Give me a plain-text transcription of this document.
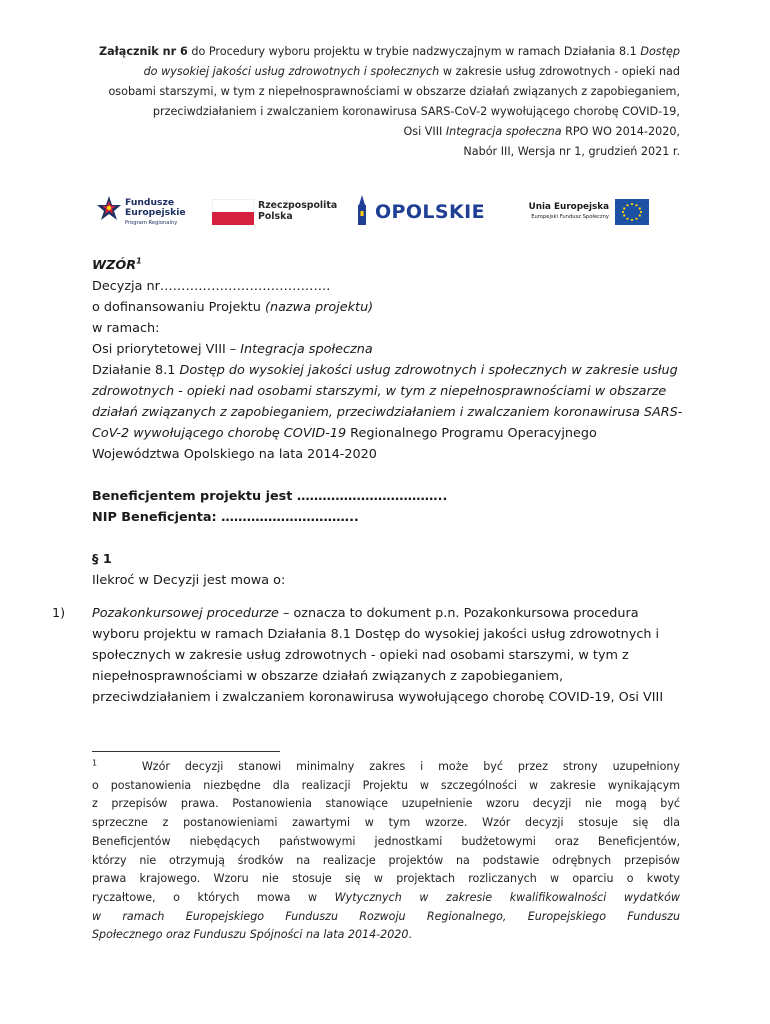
Załącznik nr 6 do Procedury wyboru projektu w trybie nadzwyczajnym w ramach Działania 8.1 Dostęp
do wysokiej jakości usług zdrowotnych i społecznych w zakresie usług zdrowotnych - opieki nad
osobami starszymi, w tym z niepełnosprawnościami w obszarze działań związanych z zapobieganiem,
przeciwdziałaniem i zwalczaniem koronawirusa SARS-CoV-2 wywołującego chorobę COVID-19,
Osi VIII Integracja społeczna RPO WO 2014-2020,
Nabór III, Wersja nr 1, grudzień 2021 r.
Fundusze
Europejskie
Program Regionalny
Rzeczpospolita
Polska	OPOLSKIE	Unia Europejska
Europejski Fundusz Społeczny
WZÓR$^1$
Decyzja nr………………………………….
o dofinansowaniu Projektu (nazwa projektu)
w ramach:
Osi priorytetowej VIII – Integracja społeczna
Działanie 8.1 Dostęp do wysokiej jakości usług zdrowotnych i społecznych w zakresie usług
zdrowotnych - opieki nad osobami starszymi, w tym z niepełnosprawnościami w obszarze
działań związanych z zapobieganiem, przeciwdziałaniem i zwalczaniem koronawirusa SARS-
CoV-2 wywołującego chorobę COVID-19 Regionalnego Programu Operacyjnego
Województwa Opolskiego na lata 2014-2020
Beneficjentem projektu jest ……………………………..
NIP Beneficjenta: …………………………..
§ 1
Ilekroć w Decyzji jest mowa o:
1) Pozakonkursowej procedurze – oznacza to dokument p.n. Pozakonkursowa procedura
wyboru projektu w ramach Działania 8.1 Dostęp do wysokiej jakości usług zdrowotnych i
społecznych w zakresie usług zdrowotnych - opieki nad osobami starszymi, w tym z
niepełnosprawnościami w obszarze działań związanych z zapobieganiem,
przeciwdziałaniem i zwalczaniem koronawirusa wywołującego chorobę COVID-19, Osi VIII
$^1$	Wzór decyzji stanowi minimalny zakres i może być przez strony uzupełniony
o postanowienia niezbędne dla realizacji Projektu w szczególności w zakresie wynikającym
z przepisów prawa. Postanowienia stanowiące uzupełnienie wzoru decyzji nie mogą być
sprzeczne z postanowieniami zawartymi w tym wzorze. Wzór decyzji stosuje się dla
Beneficjentów niebędących państwowymi jednostkami budżetowymi oraz Beneficjentów,
którzy nie otrzymują środków na realizacje projektów na podstawie odrębnych przepisów
prawa krajowego. Wzoru nie stosuje się w projektach rozliczanych w oparciu o kwoty
ryczałtowe, o których mowa w Wytycznych w zakresie kwalifikowalności wydatków
w ramach Europejskiego Funduszu Rozwoju Regionalnego, Europejskiego Funduszu
Społecznego oraz Funduszu Spójności na lata 2014-2020.
